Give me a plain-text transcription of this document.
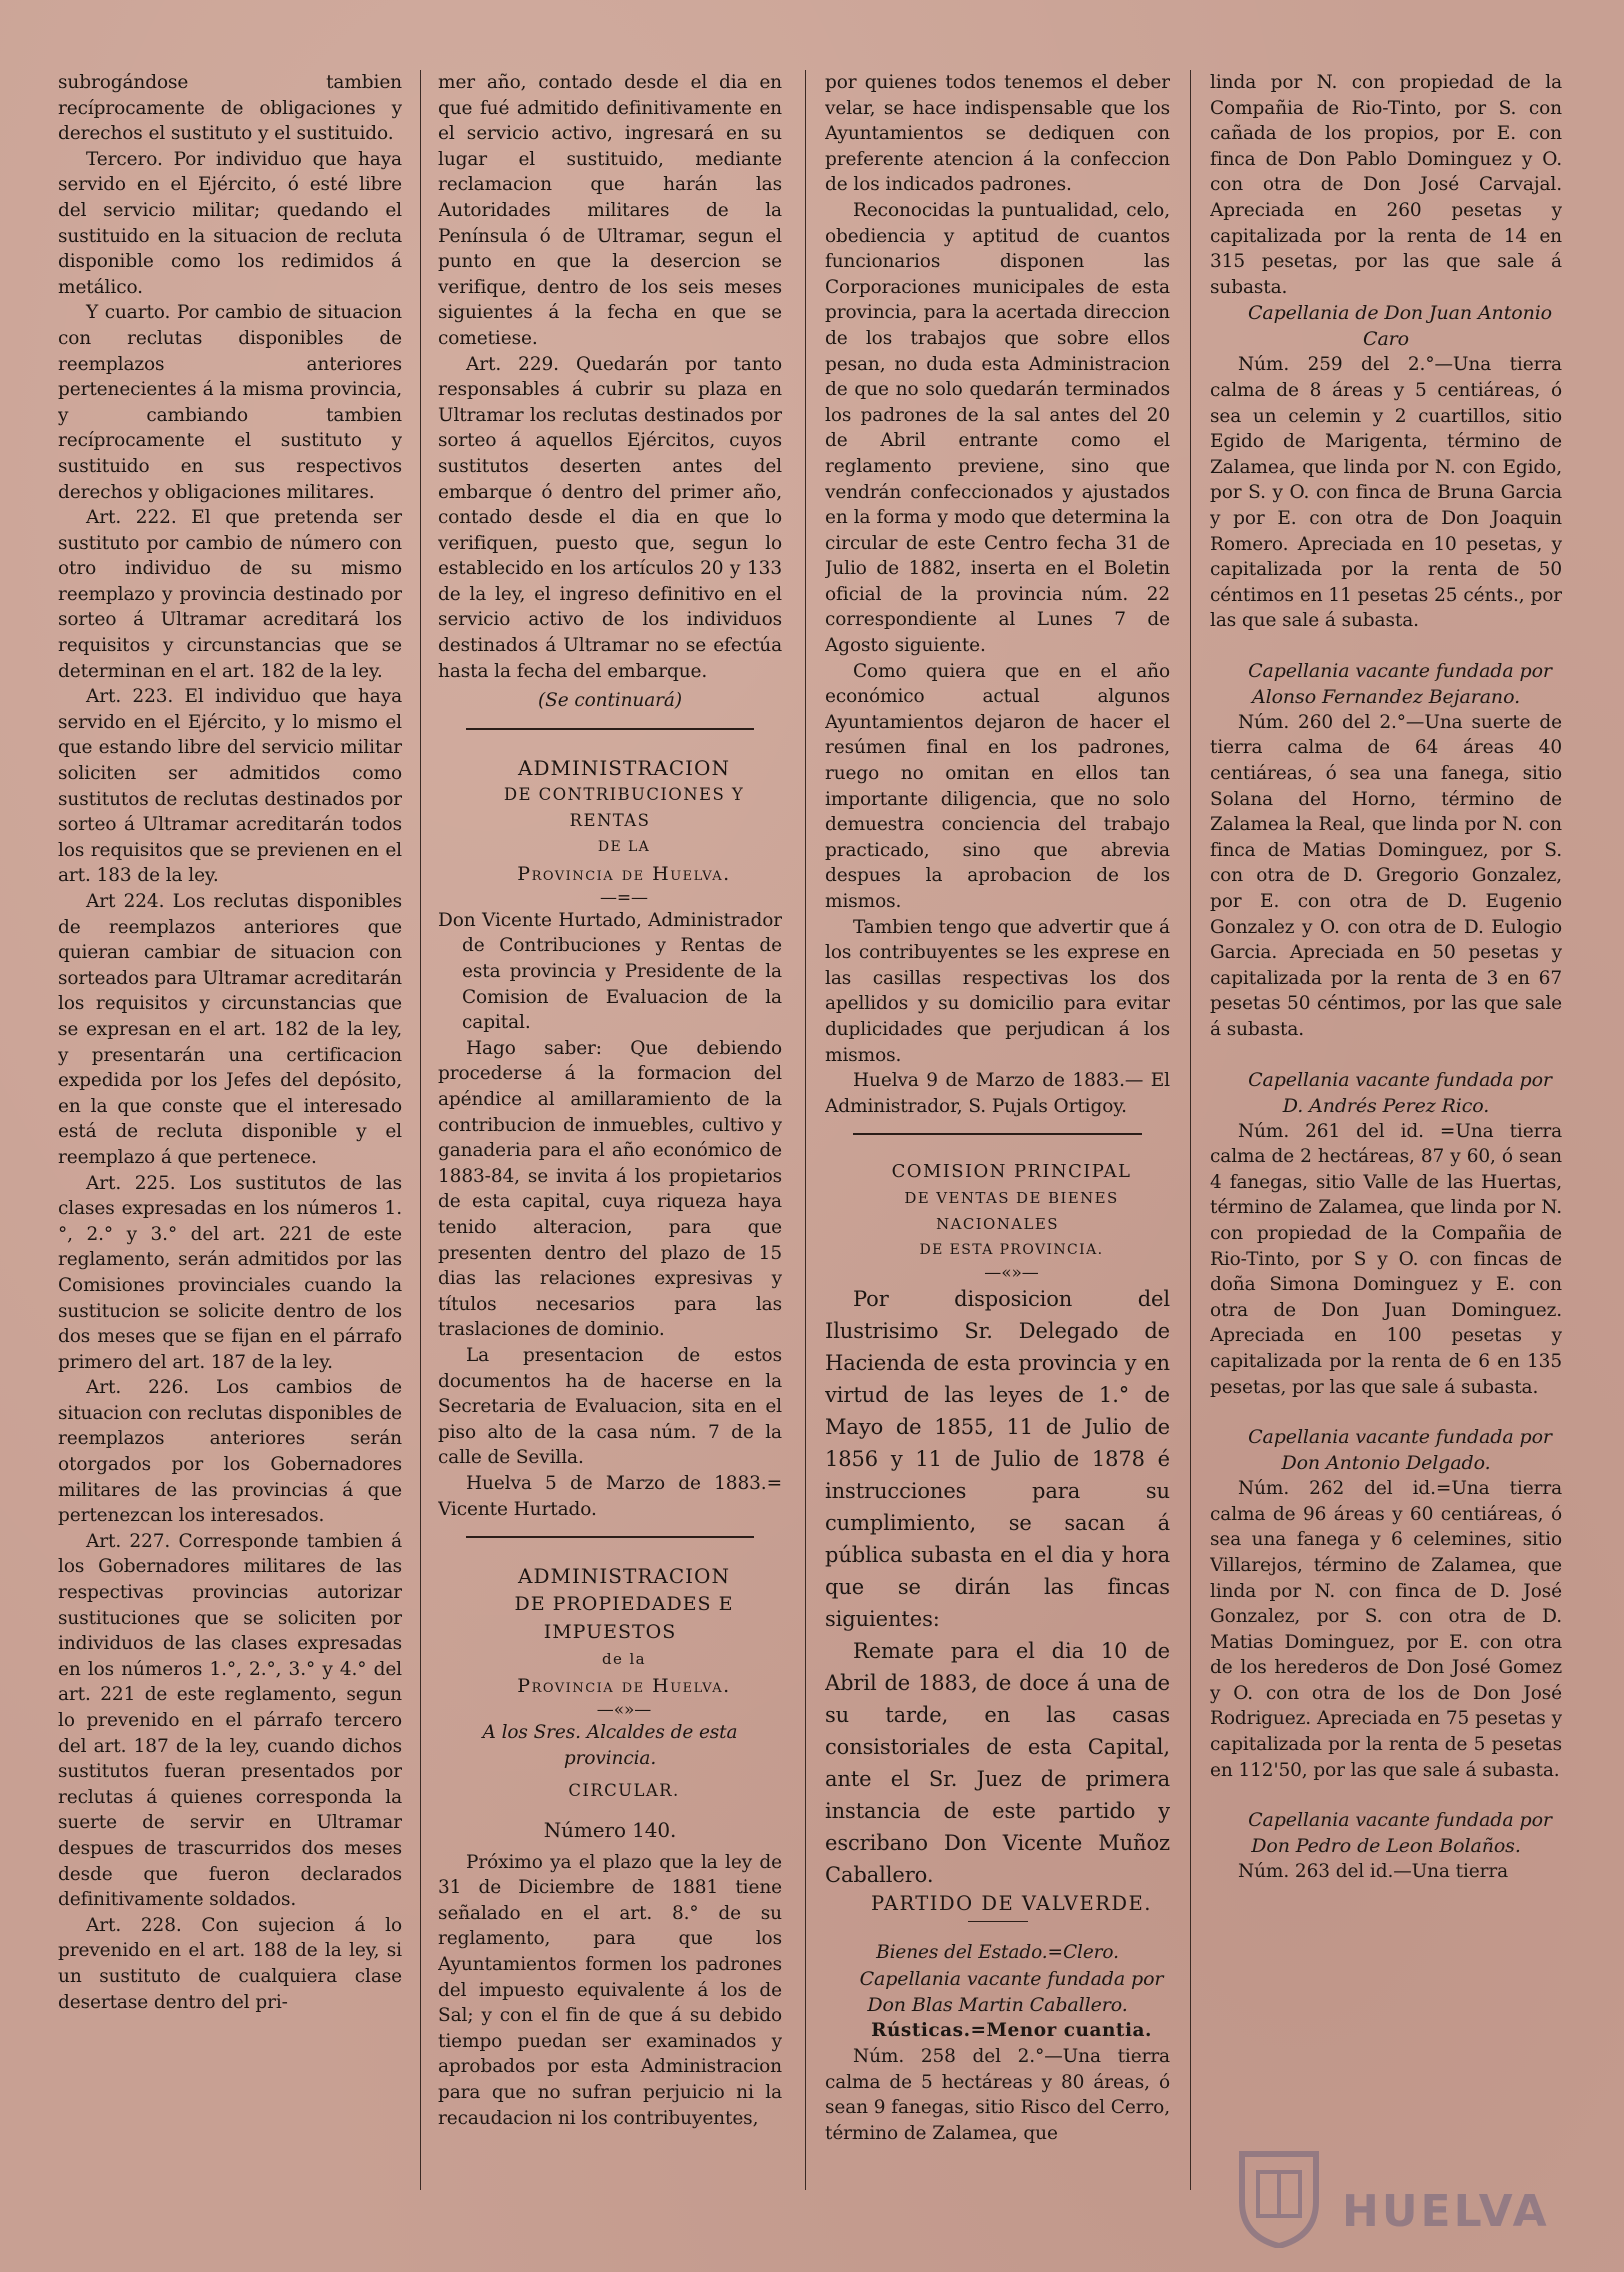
subrogándose tambien recíprocamente de obligaciones y derechos el sustituto y el sustituido.

Tercero. Por individuo que haya servido en el Ejército, ó esté libre del servicio militar; quedando el sustituido en la situacion de recluta disponible como los redimidos á metálico.

Y cuarto. Por cambio de situacion con reclutas disponibles de reemplazos anteriores pertenecientes á la misma provincia, y cambiando tambien recíprocamente el sustituto y sustituido en sus respectivos derechos y obligaciones militares.

Art. 222. El que pretenda ser sustituto por cambio de número con otro individuo de su mismo reemplazo y provincia destinado por sorteo á Ultramar acreditará los requisitos y circunstancias que se determinan en el art. 182 de la ley.

Art. 223. El individuo que haya servido en el Ejército, y lo mismo el que estando libre del servicio militar soliciten ser admitidos como sustitutos de reclutas destinados por sorteo á Ultramar acreditarán todos los requisitos que se previenen en el art. 183 de la ley.

Art 224. Los reclutas disponibles de reemplazos anteriores que quieran cambiar de situacion con sorteados para Ultramar acreditarán los requisitos y circunstancias que se expresan en el art. 182 de la ley, y presentarán una certificacion expedida por los Jefes del depósito, en la que conste que el interesado está de recluta disponible y el reemplazo á que pertenece.

Art. 225. Los sustitutos de las clases expresadas en los números 1.°, 2.° y 3.° del art. 221 de este reglamento, serán admitidos por las Comisiones provinciales cuando la sustitucion se solicite dentro de los dos meses que se fijan en el párrafo primero del art. 187 de la ley.

Art. 226. Los cambios de situacion con reclutas disponibles de reemplazos anteriores serán otorgados por los Gobernadores militares de las provincias á que pertenezcan los interesados.

Art. 227. Corresponde tambien á los Gobernadores militares de las respectivas provincias autorizar sustituciones que se soliciten por individuos de las clases expresadas en los números 1.°, 2.°, 3.° y 4.° del art. 221 de este reglamento, segun lo prevenido en el párrafo tercero del art. 187 de la ley, cuando dichos sustitutos fueran presentados por reclutas á quienes corresponda la suerte de servir en Ultramar despues de trascurridos dos meses desde que fueron declarados definitivamente soldados.

Art. 228. Con sujecion á lo prevenido en el art. 188 de la ley, si un sustituto de cualquiera clase desertase dentro del pri-

mer año, contado desde el dia en que fué admitido definitivamente en el servicio activo, ingresará en su lugar el sustituido, mediante reclamacion que harán las Autoridades militares de la Península ó de Ultramar, segun el punto en que la desercion se verifique, dentro de los seis meses siguientes á la fecha en que se cometiese.

Art. 229. Quedarán por tanto responsables á cubrir su plaza en Ultramar los reclutas destinados por sorteo á aquellos Ejércitos, cuyos sustitutos deserten antes del embarque ó dentro del primer año, contado desde el dia en que lo verifiquen, puesto que, segun lo establecido en los artículos 20 y 133 de la ley, el ingreso definitivo en el servicio activo de los individuos destinados á Ultramar no se efectúa hasta la fecha del embarque.

(Se continuará)

ADMINISTRACION

DE CONTRIBUCIONES Y RENTAS

DE LA

Provincia de Huelva.

—=—

Don Vicente Hurtado, Administrador de Contribuciones y Rentas de esta provincia y Presidente de la Comision de Evaluacion de la capital.

Hago saber: Que debiendo procederse á la formacion del apéndice al amillaramiento de la contribucion de inmuebles, cultivo y ganaderia para el año económico de 1883-84, se invita á los propietarios de esta capital, cuya riqueza haya tenido alteracion, para que presenten dentro del plazo de 15 dias las relaciones expresivas y títulos necesarios para las traslaciones de dominio.

La presentacion de estos documentos ha de hacerse en la Secretaria de Evaluacion, sita en el piso alto de la casa núm. 7 de la calle de Sevilla.

Huelva 5 de Marzo de 1883.= Vicente Hurtado.

ADMINISTRACION

DE PROPIEDADES E IMPUESTOS

de la

Provincia de Huelva.

—«»—

A los Sres. Alcaldes de esta provincia.

CIRCULAR.

Número 140.

Próximo ya el plazo que la ley de 31 de Diciembre de 1881 tiene señalado en el art. 8.° de su reglamento, para que los Ayuntamientos formen los padrones del impuesto equivalente á los de Sal; y con el fin de que á su debido tiempo puedan ser examinados y aprobados por esta Administracion para que no sufran perjuicio ni la recaudacion ni los contribuyentes,

por quienes todos tenemos el deber velar, se hace indispensable que los Ayuntamientos se dediquen con preferente atencion á la confeccion de los indicados padrones.

Reconocidas la puntualidad, celo, obediencia y aptitud de cuantos funcionarios disponen las Corporaciones municipales de esta provincia, para la acertada direccion de los trabajos que sobre ellos pesan, no duda esta Administracion de que no solo quedarán terminados los padrones de la sal antes del 20 de Abril entrante como el reglamento previene, sino que vendrán confeccionados y ajustados en la forma y modo que determina la circular de este Centro fecha 31 de Julio de 1882, inserta en el Boletin oficial de la provincia núm. 22 correspondiente al Lunes 7 de Agosto siguiente.

Como quiera que en el año económico actual algunos Ayuntamientos dejaron de hacer el resúmen final en los padrones, ruego no omitan en ellos tan importante diligencia, que no solo demuestra conciencia del trabajo practicado, sino que abrevia despues la aprobacion de los mismos.

Tambien tengo que advertir que á los contribuyentes se les exprese en las casillas respectivas los dos apellidos y su domicilio para evitar duplicidades que perjudican á los mismos.

Huelva 9 de Marzo de 1883.— El Administrador, S. Pujals Ortigoy.

COMISION PRINCIPAL

DE VENTAS DE BIENES NACIONALES

DE ESTA PROVINCIA.

—«»—

Por disposicion del Ilustrisimo Sr. Delegado de Hacienda de esta provincia y en virtud de las leyes de 1.° de Mayo de 1855, 11 de Julio de 1856 y 11 de Julio de 1878 é instrucciones para su cumplimiento, se sacan á pública subasta en el dia y hora que se dirán las fincas siguientes:

Remate para el dia 10 de Abril de 1883, de doce á una de su tarde, en las casas consistoriales de esta Capital, ante el Sr. Juez de primera instancia de este partido y escribano Don Vicente Muñoz Caballero.

PARTIDO DE VALVERDE.

Bienes del Estado.=Clero.

Capellania vacante fundada por Don Blas Martin Caballero.

Rústicas.=Menor cuantia.

Núm. 258 del 2.°—Una tierra calma de 5 hectáreas y 80 áreas, ó sean 9 fanegas, sitio Risco del Cerro, término de Zalamea, que

linda por N. con propiedad de la Compañia de Rio-Tinto, por S. con cañada de los propios, por E. con finca de Don Pablo Dominguez y O. con otra de Don José Carvajal. Apreciada en 260 pesetas y capitalizada por la renta de 14 en 315 pesetas, por las que sale á subasta.

Capellania de Don Juan Antonio Caro

Núm. 259 del 2.°—Una tierra calma de 8 áreas y 5 centiáreas, ó sea un celemin y 2 cuartillos, sitio Egido de Marigenta, término de Zalamea, que linda por N. con Egido, por S. y O. con finca de Bruna Garcia y por E. con otra de Don Joaquin Romero. Apreciada en 10 pesetas, y capitalizada por la renta de 50 céntimos en 11 pesetas 25 cénts., por las que sale á subasta.

Capellania vacante fundada por Alonso Fernandez Bejarano.

Núm. 260 del 2.°—Una suerte de tierra calma de 64 áreas 40 centiáreas, ó sea una fanega, sitio Solana del Horno, término de Zalamea la Real, que linda por N. con finca de Matias Dominguez, por S. con otra de D. Gregorio Gonzalez, por E. con otra de D. Eugenio Gonzalez y O. con otra de D. Eulogio Garcia. Apreciada en 50 pesetas y capitalizada por la renta de 3 en 67 pesetas 50 céntimos, por las que sale á subasta.

Capellania vacante fundada por D. Andrés Perez Rico.

Núm. 261 del id. =Una tierra calma de 2 hectáreas, 87 y 60, ó sean 4 fanegas, sitio Valle de las Huertas, término de Zalamea, que linda por N. con propiedad de la Compañia de Rio-Tinto, por S y O. con fincas de doña Simona Dominguez y E. con otra de Don Juan Dominguez. Apreciada en 100 pesetas y capitalizada por la renta de 6 en 135 pesetas, por las que sale á subasta.

Capellania vacante fundada por Don Antonio Delgado.

Núm. 262 del id.=Una tierra calma de 96 áreas y 60 centiáreas, ó sea una fanega y 6 celemines, sitio Villarejos, término de Zalamea, que linda por N. con finca de D. José Gonzalez, por S. con otra de D. Matias Dominguez, por E. con otra de los herederos de Don José Gomez y O. con otra de los de Don José Rodriguez. Apreciada en 75 pesetas y capitalizada por la renta de 5 pesetas en 112'50, por las que sale á subasta.

Capellania vacante fundada por Don Pedro de Leon Bolaños.

Núm. 263 del id.—Una tierra

HUELVA
